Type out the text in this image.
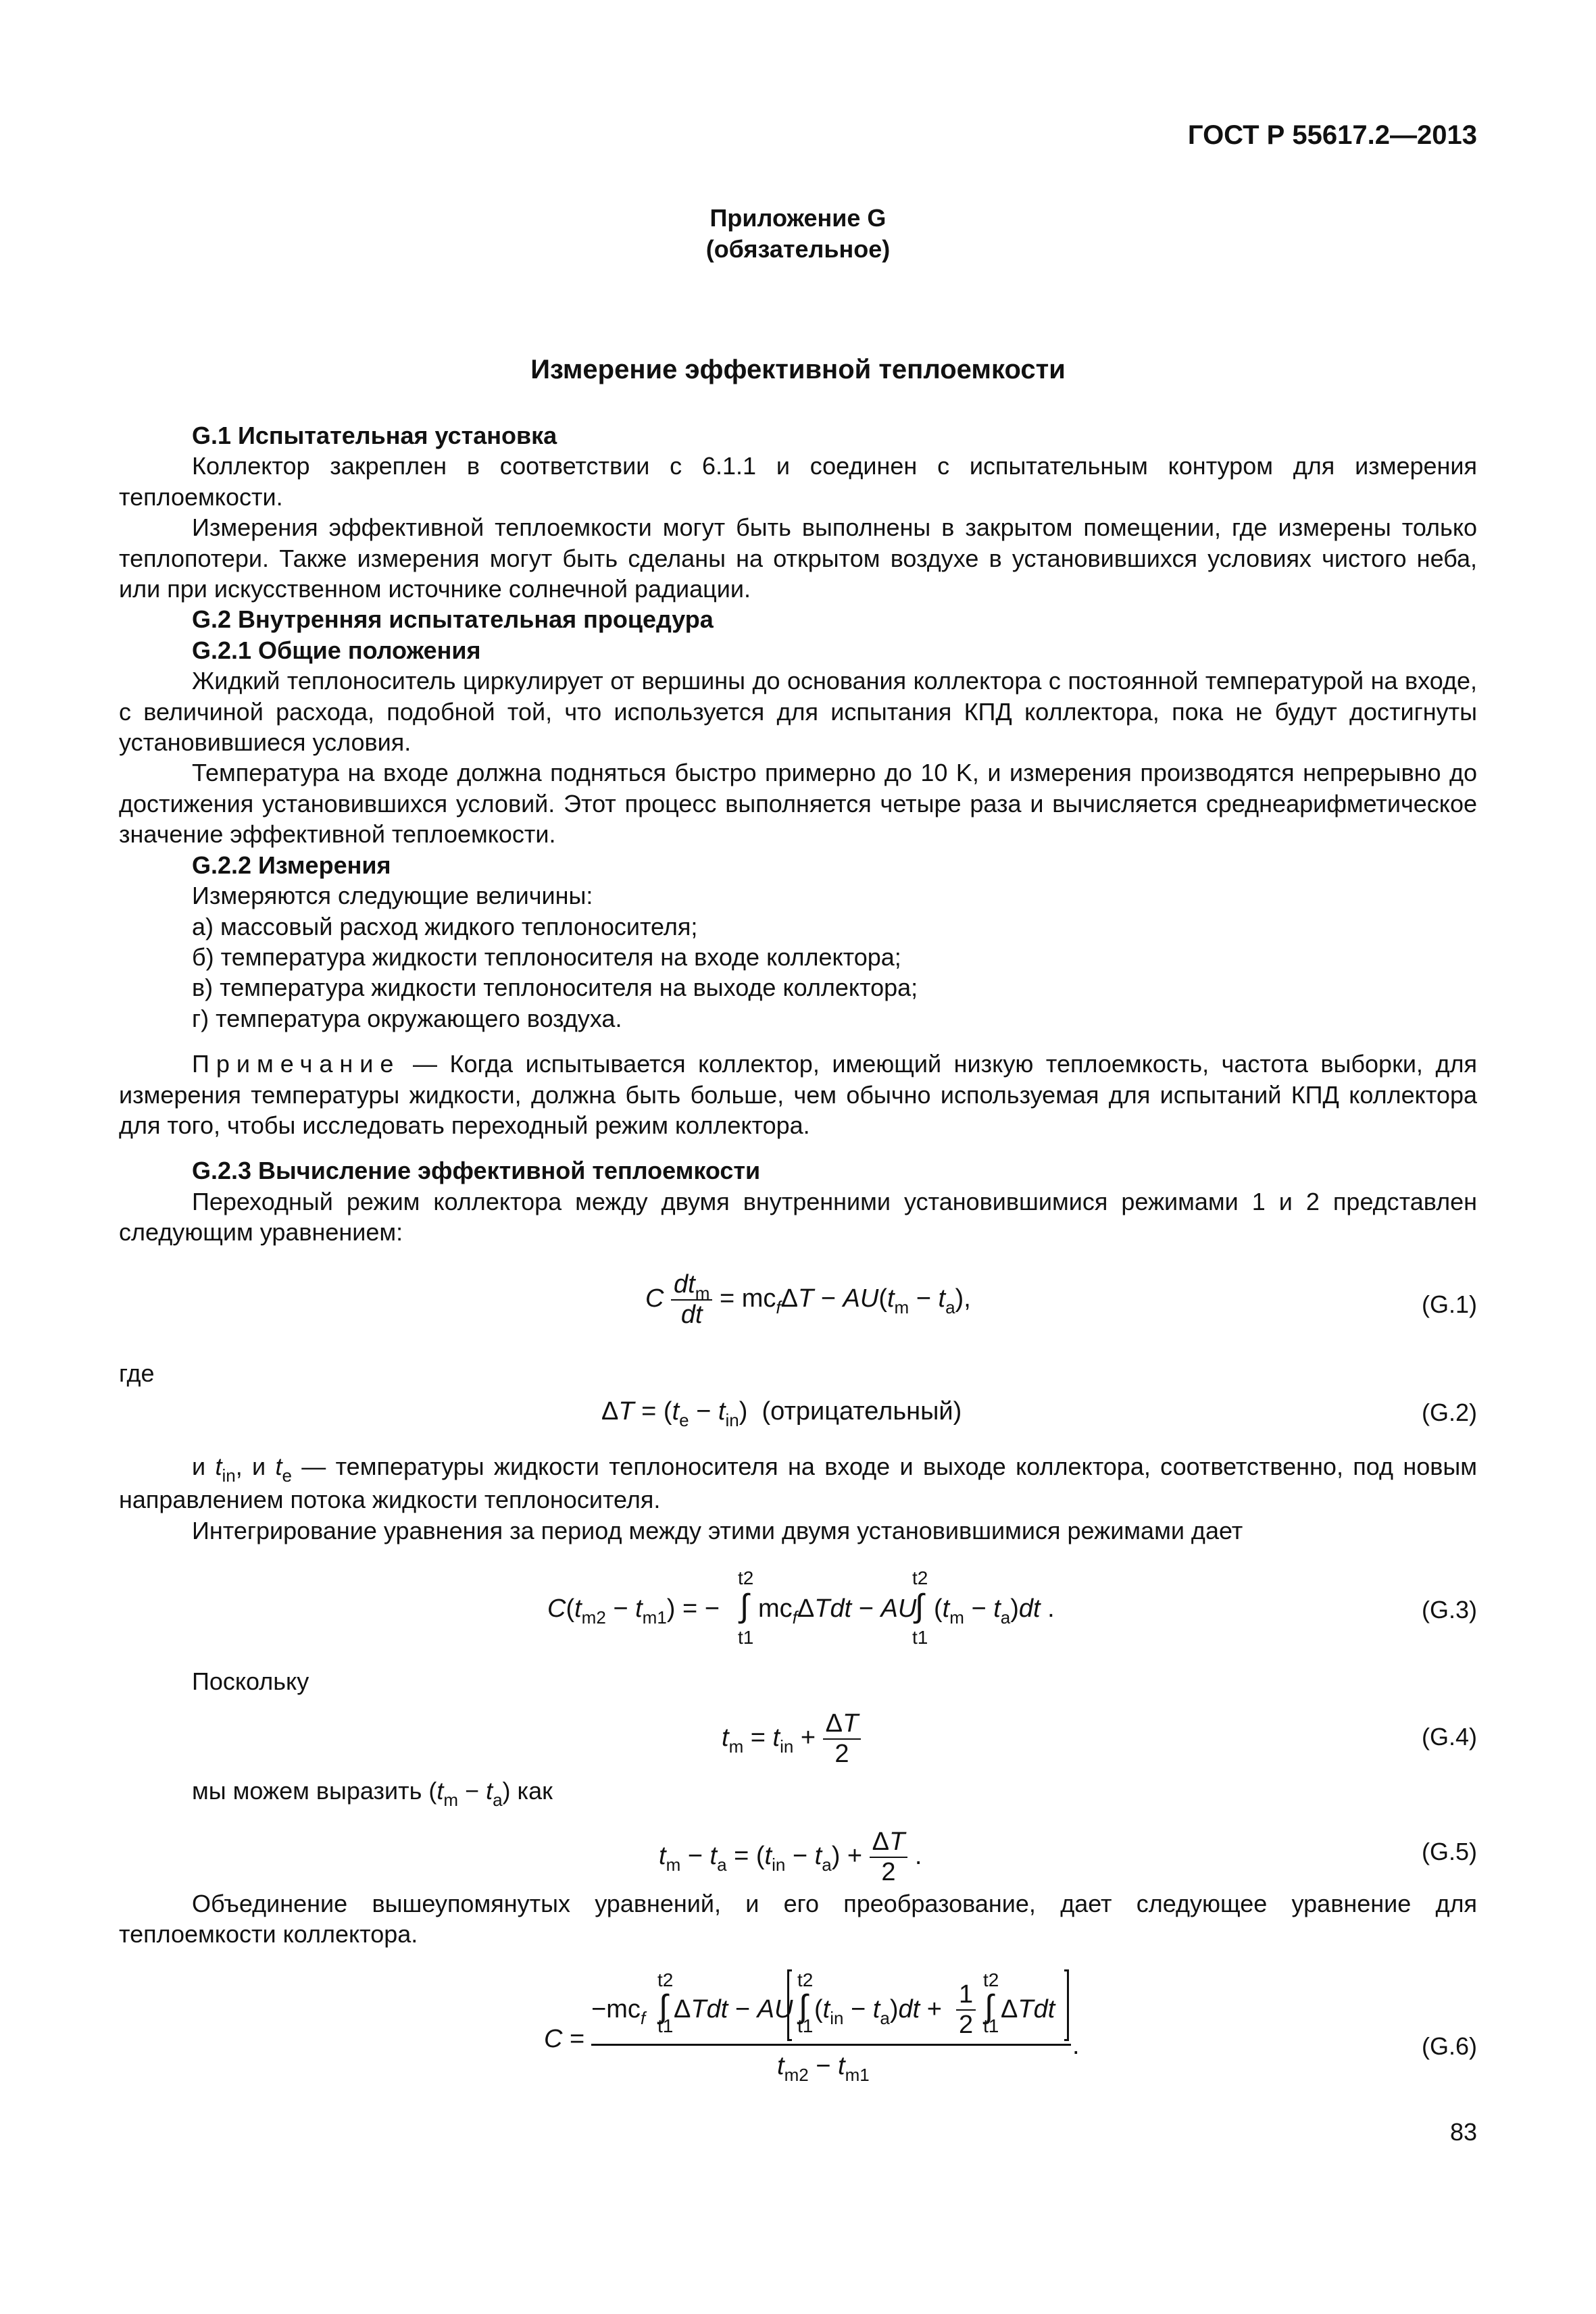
ГОСТ Р 55617.2—2013
Приложение G
(обязательное)
Измерение эффективной теплоемкости

G.1 Испытательная установка

Коллектор закреплен в соответствии с 6.1.1 и соединен с испытательным контуром для измерения теплоемкости.

Измерения эффективной теплоемкости могут быть выполнены в закрытом помещении, где измерены только теплопотери. Также измерения могут быть сделаны на открытом воздухе в установившихся условиях чистого неба, или при искусственном источнике солнечной радиации.

G.2 Внутренняя испытательная процедура

G.2.1 Общие положения

Жидкий теплоноситель циркулирует от вершины до основания коллектора с постоянной температурой на входе, с величиной расхода, подобной той, что используется для испытания КПД коллектора, пока не будут достигнуты установившиеся условия.

Температура на входе должна подняться быстро примерно до 10 K, и измерения производятся непрерывно до достижения установившихся условий. Этот процесс выполняется четыре раза и вычисляется среднеарифметическое значение эффективной теплоемкости.

G.2.2 Измерения

Измеряются следующие величины:

а) массовый расход жидкого теплоносителя;

б) температура жидкости теплоносителя на входе коллектора;

в) температура жидкости теплоносителя на выходе коллектора;

г) температура окружающего воздуха.

Примечание — Когда испытывается коллектор, имеющий низкую теплоемкость, частота выборки, для измерения температуры жидкости, должна быть больше, чем обычно используемая для испытаний КПД коллектора для того, чтобы исследовать переходный режим коллектора.

G.2.3 Вычисление эффективной теплоемкости

Переходный режим коллектора между двумя внутренними установившимися режимами 1 и 2 представлен следующим уравнением:

C $\frac{dt_m}{dt} = mc_f\Delta T - AU(t_m - t_a)$,	(G.1)

где

$\Delta T = (t_e - t_{in})$  (отрицательный)	(G.2)

и $t_{in}$, и $t_e$ — температуры жидкости теплоносителя на входе и выходе коллектора, соответственно, под новым направлением потока жидкости теплоносителя.

Интегрирование уравнения за период между этими двумя установившимися режимами дает

$C(t_{m2} - t_{m1})$ = −
t2
∫
t1
$mc_f\Delta Tdt$ − AU
t2
∫
t1
$(t_m - t_a)dt$ .	(G.3)

Поскольку

$t_m = t_{in} + \frac{\Delta T}{2}$	(G.4)

мы можем выразить $(t_m - t_a)$ как

$t_m - t_a = (t_{in} - t_a) + \frac{\Delta T}{2}$ .	(G.5)

Объединение вышеупомянутых уравнений, и его преобразование, дает следующее уравнение для теплоемкости коллектора.

C =
$-mc_f$
t2
∫
t1
ΔTdt − AU
t2
∫
t1
$(t_{in} - t_a)dt + \frac{1}{2}$
t2
∫
t1
ΔTdt
.
$t_{m2} - t_{m1}$
(G.6)
83
